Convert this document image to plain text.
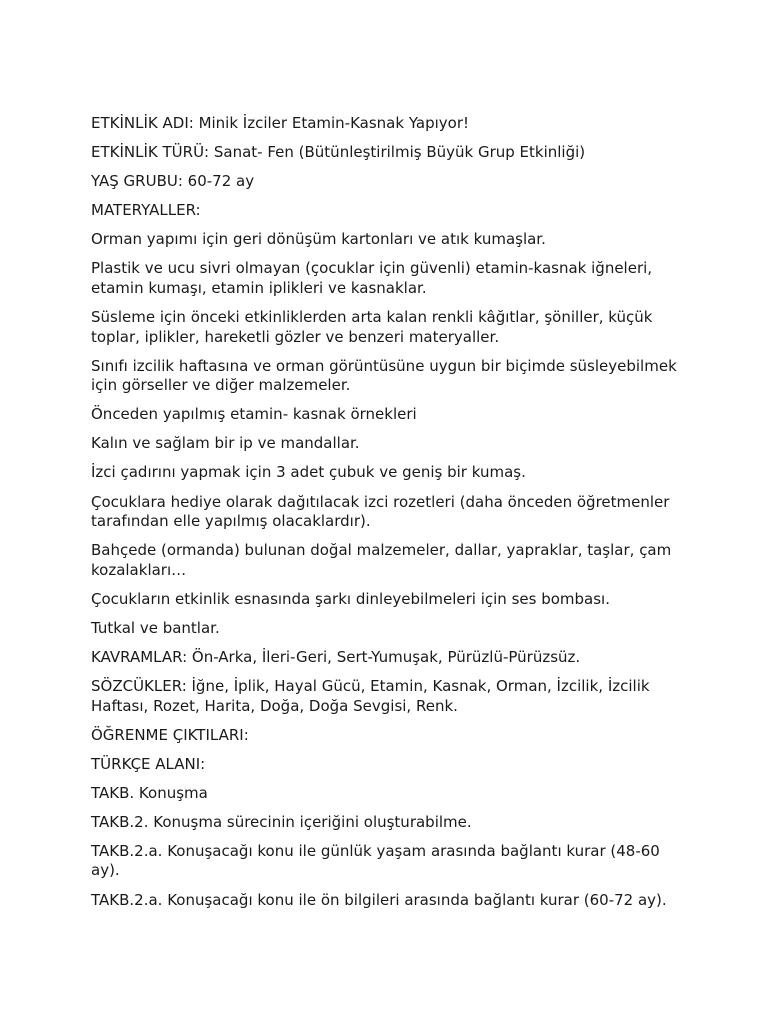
ETKİNLİK ADI: Minik İzciler Etamin-Kasnak Yapıyor!

ETKİNLİK TÜRÜ: Sanat- Fen (Bütünleştirilmiş Büyük Grup Etkinliği)

YAŞ GRUBU: 60-72 ay

MATERYALLER:

Orman yapımı için geri dönüşüm kartonları ve atık kumaşlar.

Plastik ve ucu sivri olmayan (çocuklar için güvenli) etamin-kasnak iğneleri, etamin kumaşı, etamin iplikleri ve kasnaklar.

Süsleme için önceki etkinliklerden arta kalan renkli kâğıtlar, şöniller, küçük toplar, iplikler, hareketli gözler ve benzeri materyaller.

Sınıfı izcilik haftasına ve orman görüntüsüne uygun bir biçimde süsleyebilmek için görseller ve diğer malzemeler.

Önceden yapılmış etamin- kasnak örnekleri

Kalın ve sağlam bir ip ve mandallar.

İzci çadırını yapmak için 3 adet çubuk ve geniş bir kumaş.

Çocuklara hediye olarak dağıtılacak izci rozetleri (daha önceden öğretmenler tarafından elle yapılmış olacaklardır).

Bahçede (ormanda) bulunan doğal malzemeler, dallar, yapraklar, taşlar, çam kozalakları…

Çocukların etkinlik esnasında şarkı dinleyebilmeleri için ses bombası.

Tutkal ve bantlar.

KAVRAMLAR: Ön-Arka, İleri-Geri, Sert-Yumuşak, Pürüzlü-Pürüzsüz.

SÖZCÜKLER: İğne, İplik, Hayal Gücü, Etamin, Kasnak, Orman, İzcilik, İzcilik Haftası, Rozet, Harita, Doğa, Doğa Sevgisi, Renk.

ÖĞRENME ÇIKTILARI:

TÜRKÇE ALANI:

TAKB. Konuşma

TAKB.2. Konuşma sürecinin içeriğini oluşturabilme.

TAKB.2.a. Konuşacağı konu ile günlük yaşam arasında bağlantı kurar (48-60 ay).

TAKB.2.a. Konuşacağı konu ile ön bilgileri arasında bağlantı kurar (60-72 ay).
